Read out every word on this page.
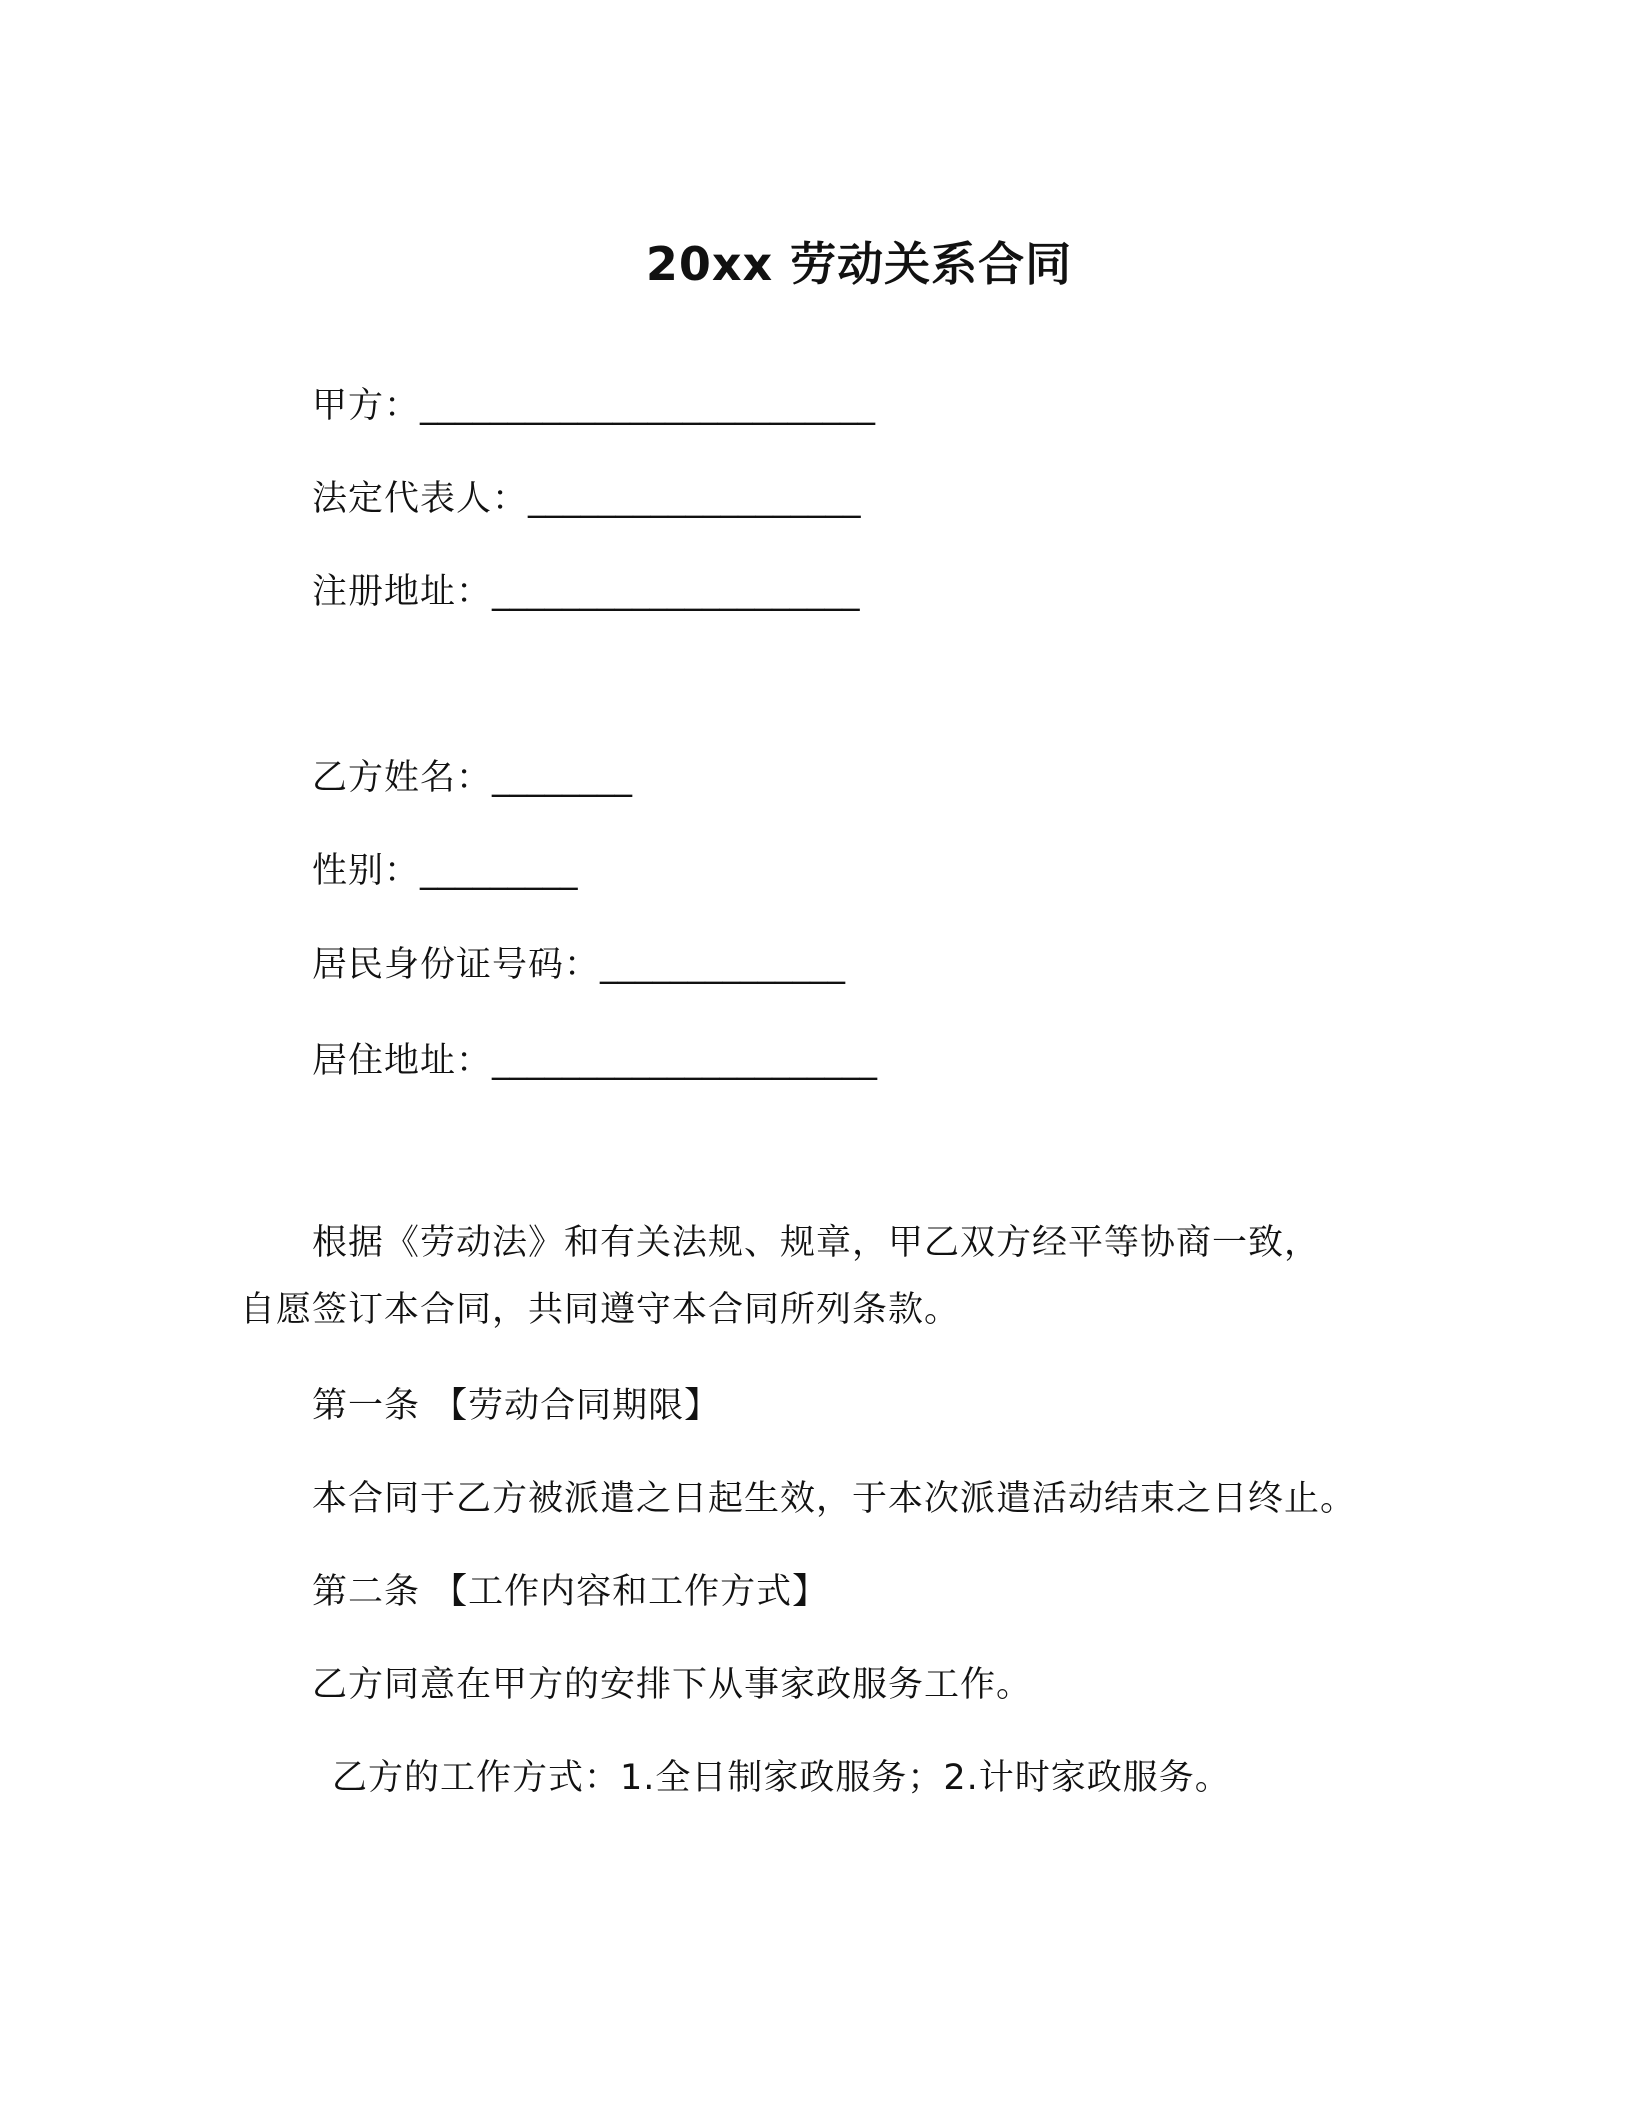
20xx 劳动关系合同
甲方：__________________________
法定代表人：___________________
注册地址：_____________________
乙方姓名：________
性别：_________
居民身份证号码：______________
居住地址：______________________
根据《劳动法》和有关法规、规章，甲乙双方经平等协商一致，
自愿签订本合同，共同遵守本合同所列条款。
第一条 【劳动合同期限】
本合同于乙方被派遣之日起生效，于本次派遣活动结束之日终止。
第二条 【工作内容和工作方式】
乙方同意在甲方的安排下从事家政服务工作。
乙方的工作方式：1.全日制家政服务；2.计时家政服务。
